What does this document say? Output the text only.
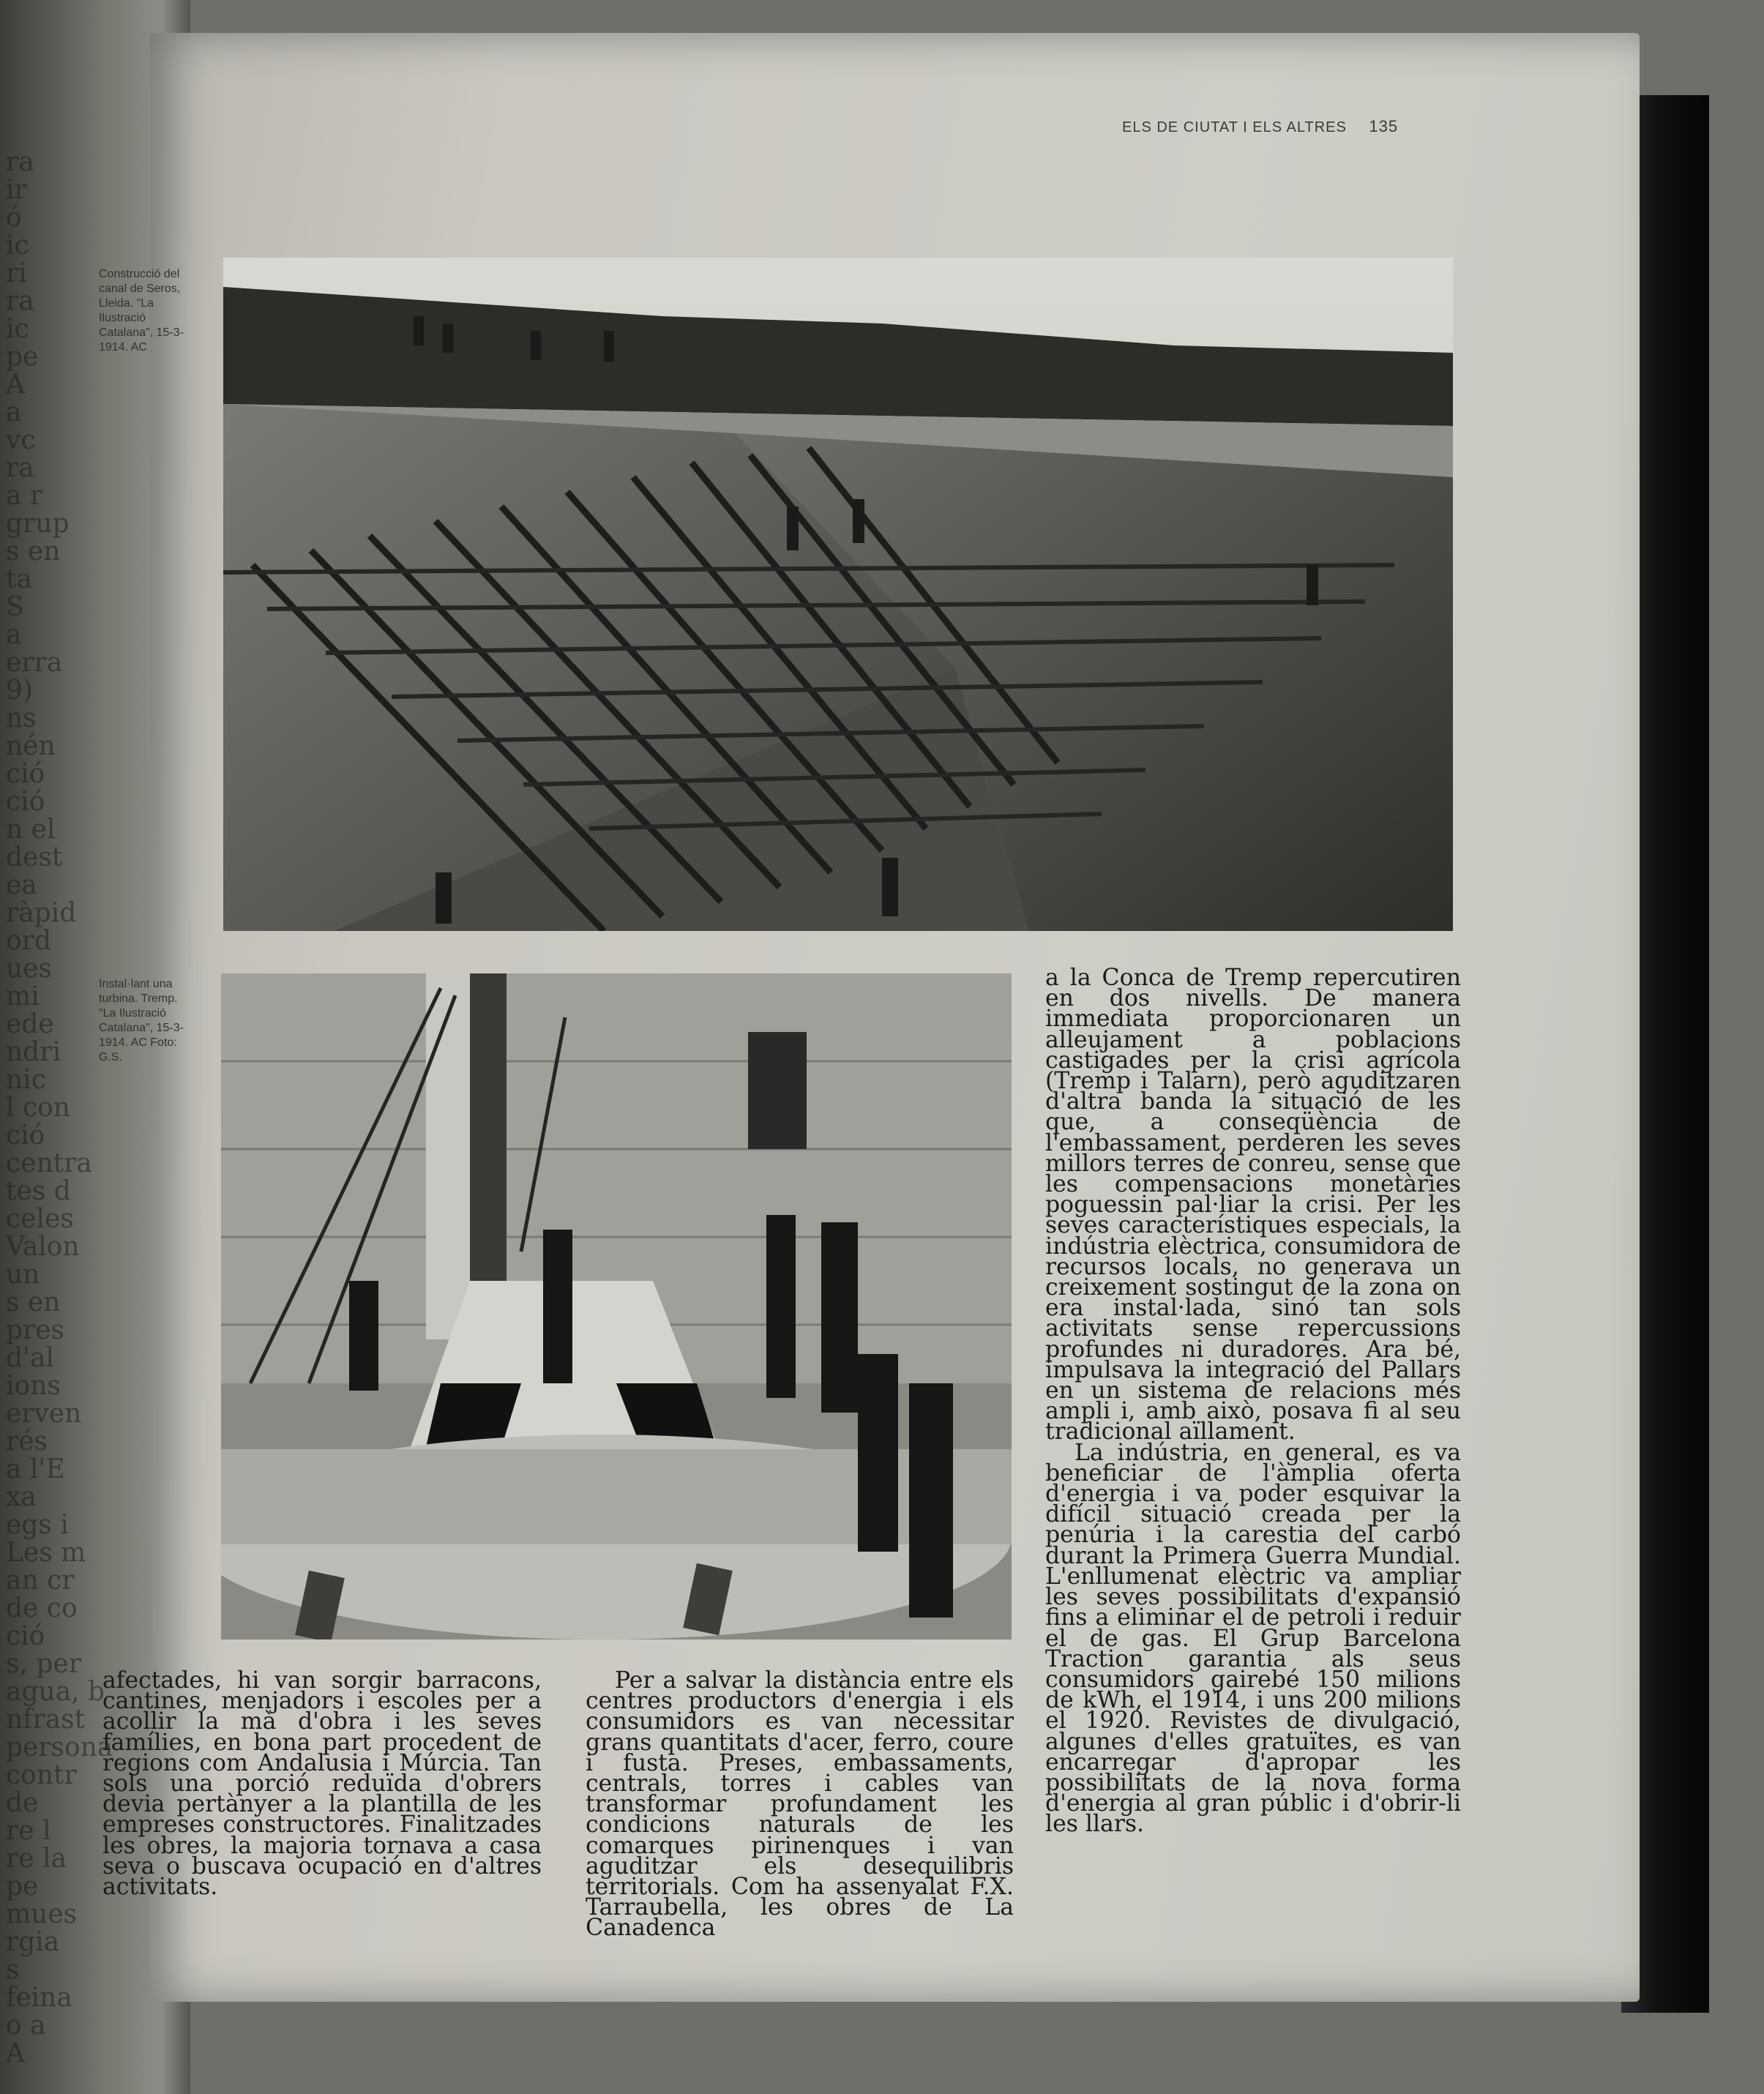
ra
ir
ó
ic
ri
ra
ic
pe
A
a
vc
ra
a r
grup
s en
ta
S
a
erra
9)
ns
nén
ció
ció
n el
dest
ea
ràpid
ord
ues
mi
ede
ndri
nic
l con
ció
centra
tes d
celes
Valon
un
s en
pres
d'al
ions
erven
rés
a l'E
xa
egs i
Les m
an cr
de co
ció
s, per
agua, b
nfrast
persona
contr
de
re l
re la
pe
mues
rgia
s
feina
o a
A
ELS DE CIUTAT I ELS ALTRES 135
Construcció del canal de Seros, Lleida. "La Ilustració Catalana", 15-3-1914. AC
Instal·lant una turbina. Tremp. "La Ilustració Catalana", 15-3-1914. AC Foto: G.S.

a la Conca de Tremp repercutiren en dos nivells. De manera immediata proporcionaren un alleujament a poblacions castigades per la crisi agrícola (Tremp i Talarn), però aguditzaren d'altra banda la situació de les que, a conseqüència de l'embassament, perderen les seves millors terres de conreu, sense que les compensacions monetàries poguessin pal·liar la crisi. Per les seves característiques especials, la indústria elèctrica, consumidora de recursos locals, no generava un creixement sostingut de la zona on era instal·lada, sinó tan sols activitats sense repercussions profundes ni duradores. Ara bé, impulsava la integració del Pallars en un sistema de relacions més ampli i, amb això, posava fi al seu tradicional aïllament.

La indústria, en general, es va beneficiar de l'àmplia oferta d'energia i va poder esquivar la difícil situació creada per la penúria i la carestia del carbó durant la Primera Guerra Mundial. L'enllumenat elèctric va ampliar les seves possibilitats d'expansió fins a eliminar el de petroli i reduir el de gas. El Grup Barcelona Traction garantia als seus consumidors gairebé 150 milions de kWh, el 1914, i uns 200 milions el 1920. Revistes de divulgació, algunes d'elles gratuïtes, es van encarregar d'apropar les possibilitats de la nova forma d'energia al gran públic i d'obrir-li les llars.

afectades, hi van sorgir barracons, cantines, menjadors i escoles per a acollir la mà d'obra i les seves famílies, en bona part procedent de regions com Andalusia i Múrcia. Tan sols una porció reduïda d'obrers devia pertànyer a la plantilla de les empreses constructores. Finalitzades les obres, la majoria tornava a casa seva o buscava ocupació en d'altres activitats.

Per a salvar la distància entre els centres productors d'energia i els consumidors es van necessitar grans quantitats d'acer, ferro, coure i fusta. Preses, embassaments, centrals, torres i cables van transformar profundament les condicions naturals de les comarques pirinenques i van aguditzar els desequilibris territorials. Com ha assenyalat F.X. Tarraubella, les obres de La Canadenca
